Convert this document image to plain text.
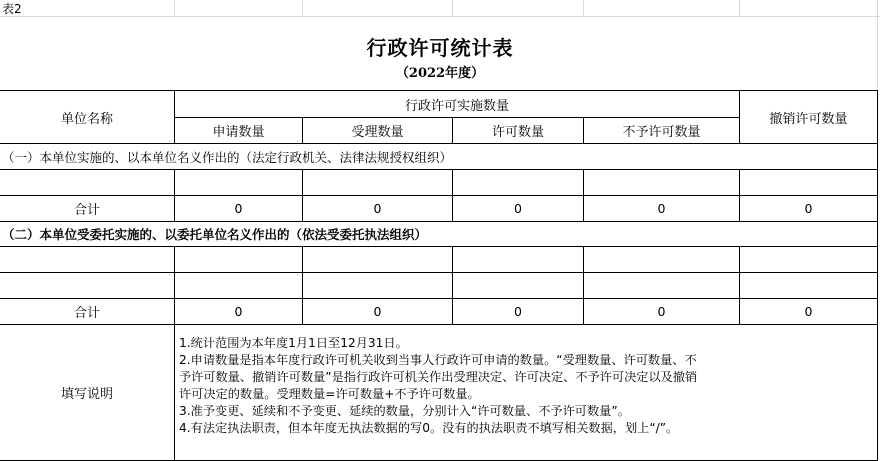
表2
行政许可统计表
（2022年度）
单位名称
行政许可实施数量
申请数量	受理数量	许可数量	不予许可数量
撤销许可数量
（一）本单位实施的、以本单位名义作出的（法定行政机关、法律法规授权组织）
合计	0	0	0	0	0
（二）本单位受委托实施的、以委托单位名义作出的（依法受委托执法组织）
合计	0	0	0	0	0
填写说明
1.统计范围为本年度1月1日至12月31日。
2.申请数量是指本年度行政许可机关收到当事人行政许可申请的数量。“受理数量、许可数量、不
予许可数量、撤销许可数量”是指行政许可机关作出受理决定、许可决定、不予许可决定以及撤销
许可决定的数量。受理数量=许可数量+不予许可数量。
3.准予变更、延续和不予变更、延续的数量，分别计入“许可数量、不予许可数量”。
4.有法定执法职责，但本年度无执法数据的写0。没有的执法职责不填写相关数据，划上“/”。
